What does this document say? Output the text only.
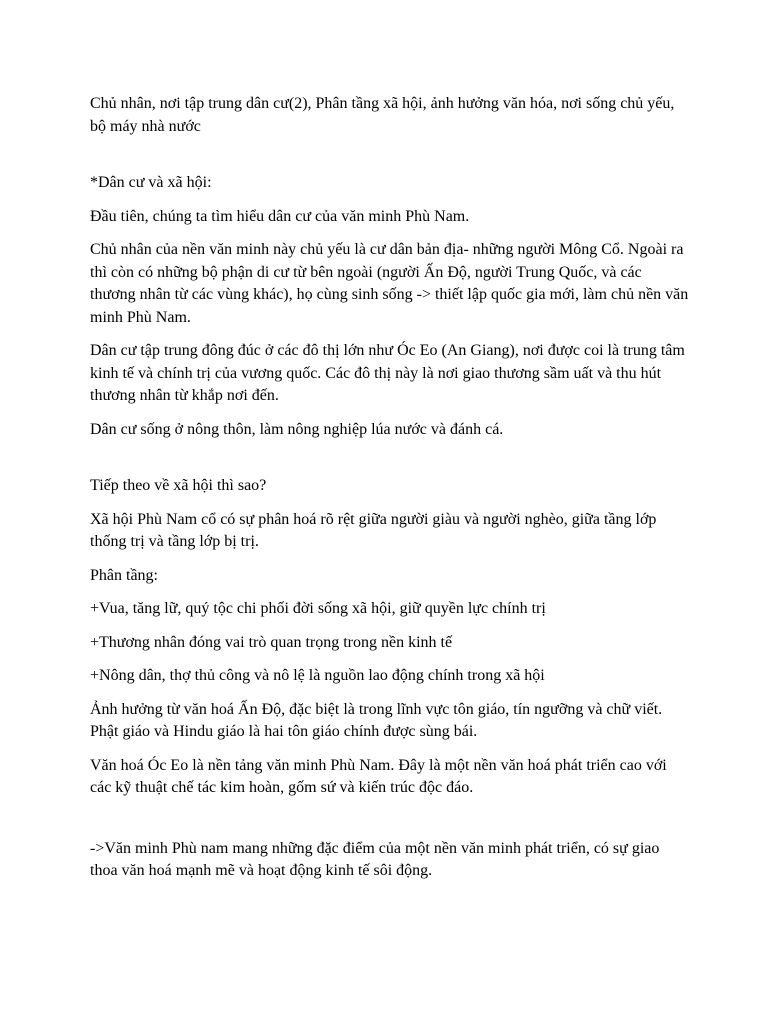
Chủ nhân, nơi tập trung dân cư(2), Phân tầng xã hội, ảnh hưởng văn hóa, nơi sống chủ yếu, bộ máy nhà nước

*Dân cư và xã hội:

Đầu tiên, chúng ta tìm hiểu dân cư của văn minh Phù Nam.

Chủ nhân của nền văn minh này chủ yếu là cư dân bản địa- những người Mông Cổ. Ngoài ra thì còn có những bộ phận di cư từ bên ngoài (người Ấn Độ, người Trung Quốc, và các thương nhân từ các vùng khác), họ cùng sinh sống -> thiết lập quốc gia mới, làm chủ nền văn minh Phù Nam.

Dân cư tập trung đông đúc ở các đô thị lớn như Óc Eo (An Giang), nơi được coi là trung tâm kinh tế và chính trị của vương quốc. Các đô thị này là nơi giao thương sầm uất và thu hút thương nhân từ khắp nơi đến.

Dân cư sống ở nông thôn, làm nông nghiệp lúa nước và đánh cá.

Tiếp theo về xã hội thì sao?

Xã hội Phù Nam cổ có sự phân hoá rõ rệt giữa người giàu và người nghèo, giữa tầng lớp thống trị và tầng lớp bị trị.

Phân tầng:

+Vua, tăng lữ, quý tộc chi phối đời sống xã hội, giữ quyền lực chính trị

+Thương nhân đóng vai trò quan trọng trong nền kinh tế

+Nông dân, thợ thủ công và nô lệ là nguồn lao động chính trong xã hội

Ảnh hưởng từ văn hoá Ấn Độ, đặc biệt là trong lĩnh vực tôn giáo, tín ngưỡng và chữ viết. Phật giáo và Hindu giáo là hai tôn giáo chính được sùng bái.

Văn hoá Óc Eo là nền tảng văn minh Phù Nam. Đây là một nền văn hoá phát triển cao với các kỹ thuật chế tác kim hoàn, gốm sứ và kiến trúc độc đáo.

->Văn minh Phù nam mang những đặc điểm của một nền văn minh phát triển, có sự giao thoa văn hoá mạnh mẽ và hoạt động kinh tế sôi động.
